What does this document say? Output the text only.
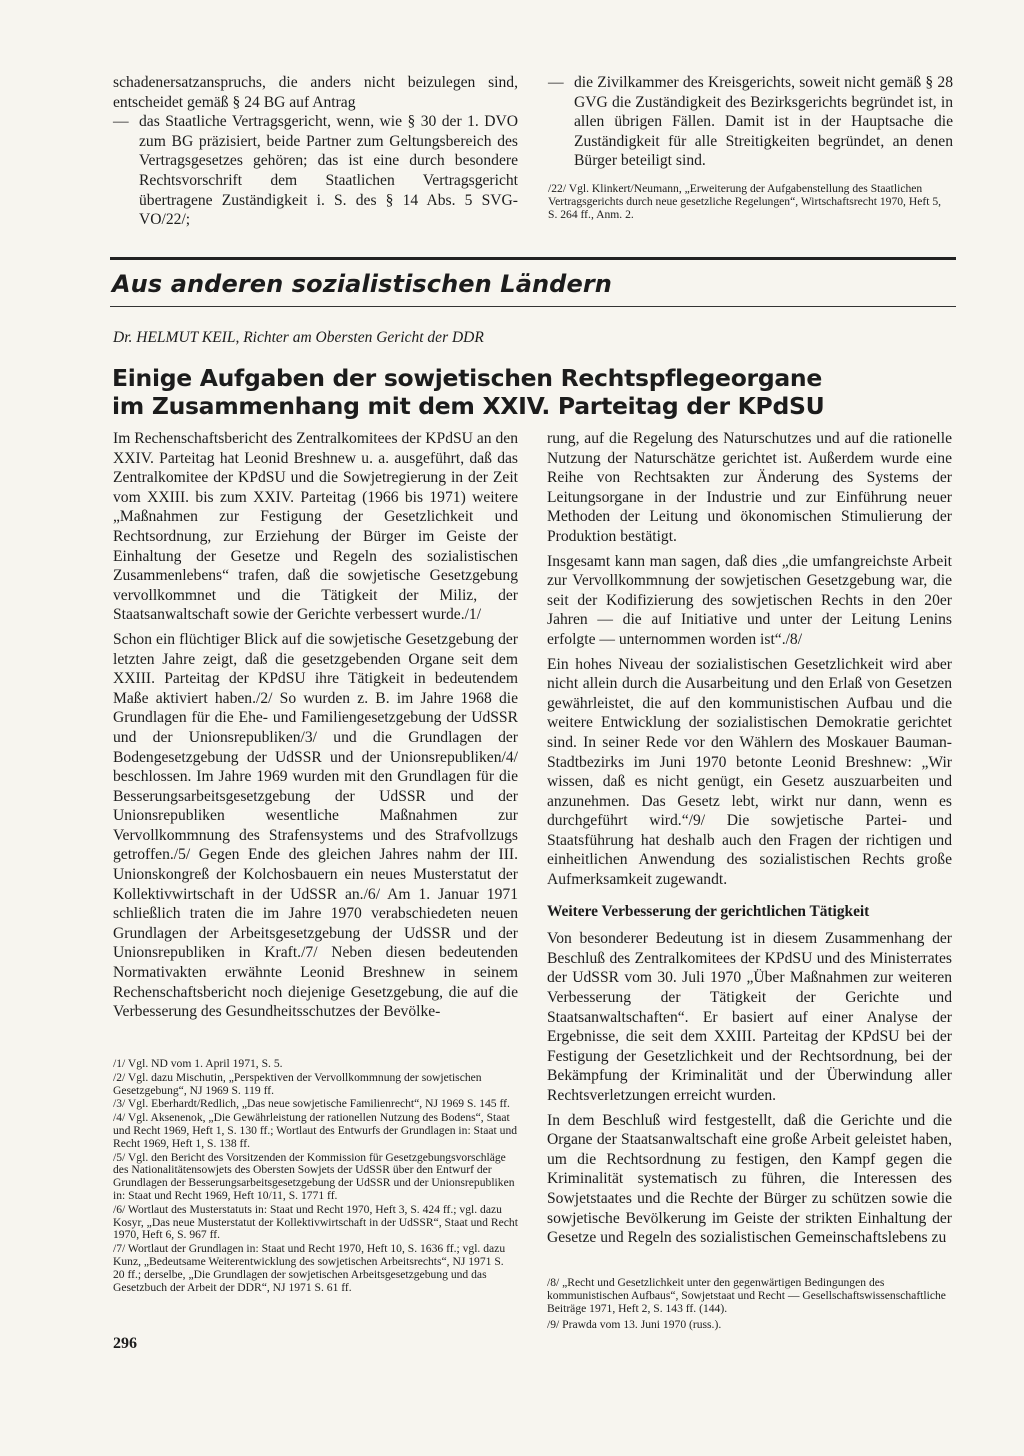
schadenersatzanspruchs, die anders nicht beizulegen sind, entscheidet gemäß § 24 BG auf Antrag

— das Staatliche Vertragsgericht, wenn, wie § 30 der 1. DVO zum BG präzisiert, beide Partner zum Geltungsbereich des Vertragsgesetzes gehören; das ist eine durch besondere Rechtsvorschrift dem Staatlichen Vertragsgericht übertragene Zuständigkeit i. S. des § 14 Abs. 5 SVG-VO/22/;

— die Zivilkammer des Kreisgerichts, soweit nicht gemäß § 28 GVG die Zuständigkeit des Bezirksgerichts begründet ist, in allen übrigen Fällen. Damit ist in der Hauptsache die Zuständigkeit für alle Streitigkeiten begründet, an denen Bürger beteiligt sind.

/22/ Vgl. Klinkert/Neumann, „Erweiterung der Aufgabenstellung des Staatlichen Vertragsgerichts durch neue gesetzliche Regelungen“, Wirtschaftsrecht 1970, Heft 5, S. 264 ff., Anm. 2.

Aus anderen sozialistischen Ländern
Dr. HELMUT KEIL, Richter am Obersten Gericht der DDR
Einige Aufgaben der sowjetischen Rechtspflegeorgane
im Zusammenhang mit dem XXIV. Parteitag der KPdSU

Im Rechenschaftsbericht des Zentralkomitees der KPdSU an den XXIV. Parteitag hat Leonid Breshnew u. a. ausgeführt, daß das Zentralkomitee der KPdSU und die Sowjetregierung in der Zeit vom XXIII. bis zum XXIV. Parteitag (1966 bis 1971) weitere „Maßnahmen zur Festigung der Gesetzlichkeit und Rechtsordnung, zur Erziehung der Bürger im Geiste der Einhaltung der Gesetze und Regeln des sozialistischen Zusammenlebens“ trafen, daß die sowjetische Gesetzgebung vervollkommnet und die Tätigkeit der Miliz, der Staatsanwaltschaft sowie der Gerichte verbessert wurde./1/

Schon ein flüchtiger Blick auf die sowjetische Gesetzgebung der letzten Jahre zeigt, daß die gesetzgebenden Organe seit dem XXIII. Parteitag der KPdSU ihre Tätigkeit in bedeutendem Maße aktiviert haben./2/ So wurden z. B. im Jahre 1968 die Grundlagen für die Ehe- und Familiengesetzgebung der UdSSR und der Unionsrepubliken/3/ und die Grundlagen der Bodengesetzgebung der UdSSR und der Unionsrepubliken/4/ beschlossen. Im Jahre 1969 wurden mit den Grundlagen für die Besserungsarbeitsgesetzgebung der UdSSR und der Unionsrepubliken wesentliche Maßnahmen zur Vervollkommnung des Strafensystems und des Strafvollzugs getroffen./5/ Gegen Ende des gleichen Jahres nahm der III. Unionskongreß der Kolchosbauern ein neues Musterstatut der Kollektivwirtschaft in der UdSSR an./6/ Am 1. Januar 1971 schließlich traten die im Jahre 1970 verabschiedeten neuen Grundlagen der Arbeitsgesetzgebung der UdSSR und der Unionsrepubliken in Kraft./7/ Neben diesen bedeutenden Normativakten erwähnte Leonid Breshnew in seinem Rechenschaftsbericht noch diejenige Gesetzgebung, die auf die Verbesserung des Gesundheitsschutzes der Bevölke-

/1/ Vgl. ND vom 1. April 1971, S. 5.

/2/ Vgl. dazu Mischutin, „Perspektiven der Vervollkommnung der sowjetischen Gesetzgebung“, NJ 1969 S. 119 ff.

/3/ Vgl. Eberhardt/Redlich, „Das neue sowjetische Familienrecht“, NJ 1969 S. 145 ff.

/4/ Vgl. Aksenenok, „Die Gewährleistung der rationellen Nutzung des Bodens“, Staat und Recht 1969, Heft 1, S. 130 ff.; Wortlaut des Entwurfs der Grundlagen in: Staat und Recht 1969, Heft 1, S. 138 ff.

/5/ Vgl. den Bericht des Vorsitzenden der Kommission für Gesetzgebungsvorschläge des Nationalitätensowjets des Obersten Sowjets der UdSSR über den Entwurf der Grundlagen der Besserungsarbeitsgesetzgebung der UdSSR und der Unionsrepubliken in: Staat und Recht 1969, Heft 10/11, S. 1771 ff.

/6/ Wortlaut des Musterstatuts in: Staat und Recht 1970, Heft 3, S. 424 ff.; vgl. dazu Kosyr, „Das neue Musterstatut der Kollektivwirtschaft in der UdSSR“, Staat und Recht 1970, Heft 6, S. 967 ff.

/7/ Wortlaut der Grundlagen in: Staat und Recht 1970, Heft 10, S. 1636 ff.; vgl. dazu Kunz, „Bedeutsame Weiterentwicklung des sowjetischen Arbeitsrechts“, NJ 1971 S. 20 ff.; derselbe, „Die Grundlagen der sowjetischen Arbeitsgesetzgebung und das Gesetzbuch der Arbeit der DDR“, NJ 1971 S. 61 ff.

rung, auf die Regelung des Naturschutzes und auf die rationelle Nutzung der Naturschätze gerichtet ist. Außerdem wurde eine Reihe von Rechtsakten zur Änderung des Systems der Leitungsorgane in der Industrie und zur Einführung neuer Methoden der Leitung und ökonomischen Stimulierung der Produktion bestätigt.

Insgesamt kann man sagen, daß dies „die umfangreichste Arbeit zur Vervollkommnung der sowjetischen Gesetzgebung war, die seit der Kodifizierung des sowjetischen Rechts in den 20er Jahren — die auf Initiative und unter der Leitung Lenins erfolgte — unternommen worden ist“./8/

Ein hohes Niveau der sozialistischen Gesetzlichkeit wird aber nicht allein durch die Ausarbeitung und den Erlaß von Gesetzen gewährleistet, die auf den kommunistischen Aufbau und die weitere Entwicklung der sozialistischen Demokratie gerichtet sind. In seiner Rede vor den Wählern des Moskauer Bauman-Stadtbezirks im Juni 1970 betonte Leonid Breshnew: „Wir wissen, daß es nicht genügt, ein Gesetz auszuarbeiten und anzunehmen. Das Gesetz lebt, wirkt nur dann, wenn es durchgeführt wird.“/9/ Die sowjetische Partei- und Staatsführung hat deshalb auch den Fragen der richtigen und einheitlichen Anwendung des sozialistischen Rechts große Aufmerksamkeit zugewandt.

Weitere Verbesserung der gerichtlichen Tätigkeit

Von besonderer Bedeutung ist in diesem Zusammenhang der Beschluß des Zentralkomitees der KPdSU und des Ministerrates der UdSSR vom 30. Juli 1970 „Über Maßnahmen zur weiteren Verbesserung der Tätigkeit der Gerichte und Staatsanwaltschaften“. Er basiert auf einer Analyse der Ergebnisse, die seit dem XXIII. Parteitag der KPdSU bei der Festigung der Gesetzlichkeit und der Rechtsordnung, bei der Bekämpfung der Kriminalität und der Überwindung aller Rechtsverletzungen erreicht wurden.

In dem Beschluß wird festgestellt, daß die Gerichte und die Organe der Staatsanwaltschaft eine große Arbeit geleistet haben, um die Rechtsordnung zu festigen, den Kampf gegen die Kriminalität systematisch zu führen, die Interessen des Sowjetstaates und die Rechte der Bürger zu schützen sowie die sowjetische Bevölkerung im Geiste der strikten Einhaltung der Gesetze und Regeln des sozialistischen Gemeinschaftslebens zu

/8/ „Recht und Gesetzlichkeit unter den gegenwärtigen Bedingungen des kommunistischen Aufbaus“, Sowjetstaat und Recht — Gesellschaftswissenschaftliche Beiträge 1971, Heft 2, S. 143 ff. (144).

/9/ Prawda vom 13. Juni 1970 (russ.).

296
